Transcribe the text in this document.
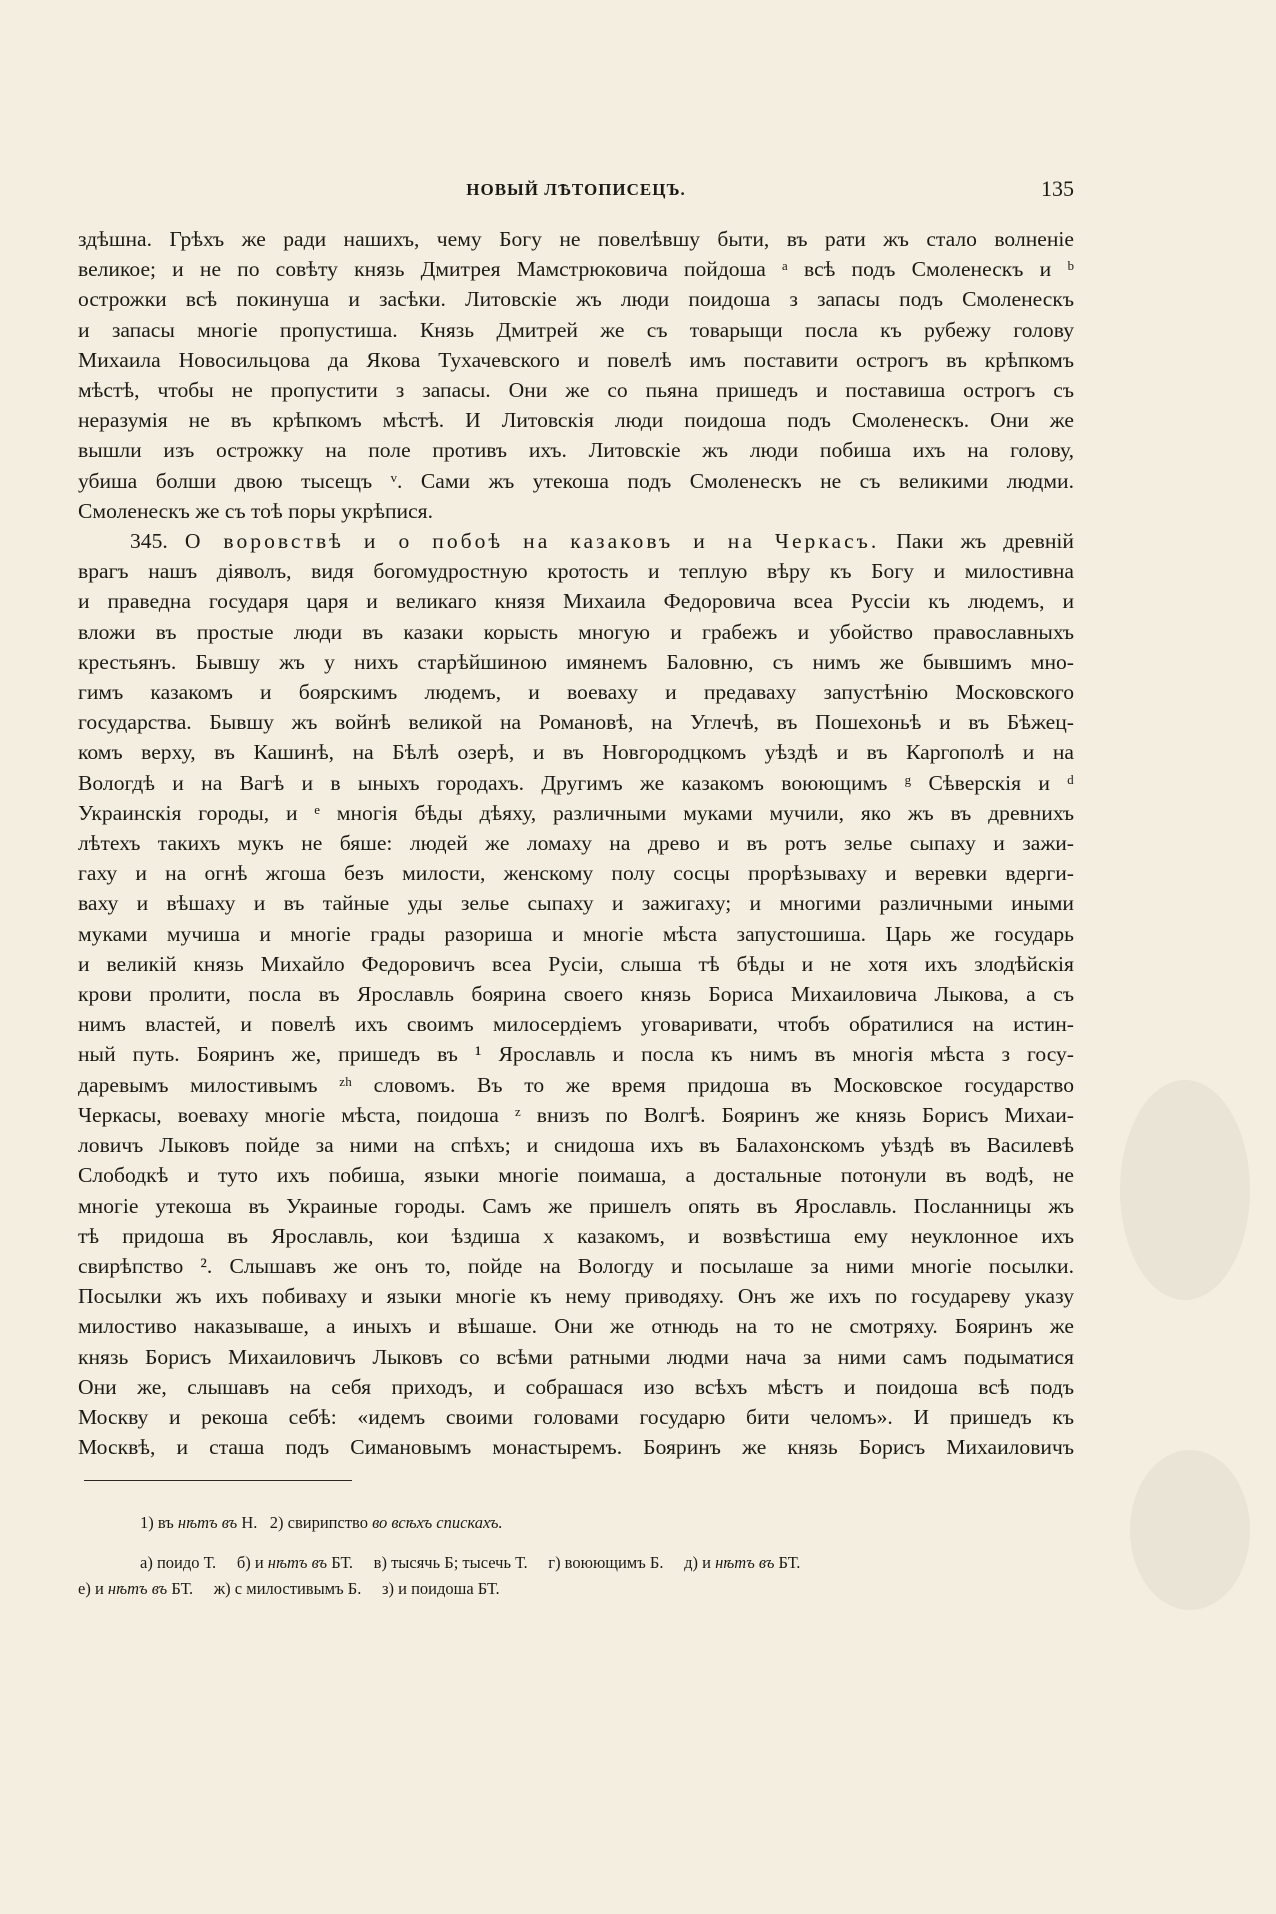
НОВЫЙ ЛѢТОПИСЕЦЪ.	135
здѣшна. Грѣхъ же ради нашихъ, чему Богу не повелѣвшу быти, въ рати жъ стало волненіе
великое; и не по совѣту князь Дмитрея Мамстрюковича пойдоша ᵃ всѣ подъ Смоленескъ и ᵇ
острожки всѣ покинуша и засѣки. Литовскіе жъ люди поидоша з запасы подъ Смоленескъ
и запасы многіе пропустиша. Князь Дмитрей же съ товарыщи посла къ рубежу голову
Михаила Новосильцова да Якова Тухачевского и повелѣ имъ поставити острогъ въ крѣпкомъ
мѣстѣ, чтобы не пропустити з запасы. Они же со пьяна пришедъ и поставиша острогъ съ
неразумія не въ крѣпкомъ мѣстѣ. И Литовскія люди поидоша подъ Смоленескъ. Они же
вышли изъ острожку на поле противъ ихъ. Литовскіе жъ люди побиша ихъ на голову,
убиша болши двою тысещъ ᵛ. Сами жъ утекоша подъ Смоленескъ не съ великими людми.
Смоленескъ же съ тоѣ поры укрѣпися.
345. О воровствѣ и о побоѣ на казаковъ и на Черкасъ. Паки жъ древній
врагъ нашъ діяволъ, видя богомудростную кротость и теплую вѣру къ Богу и милостивна
и праведна государя царя и великаго князя Михаила Федоровича всеа Руссіи къ людемъ, и
вложи въ простые люди въ казаки корысть многую и грабежъ и убойство православныхъ
крестьянъ. Бывшу жъ у нихъ старѣйшиною имянемъ Баловню, съ нимъ же бывшимъ мно-
гимъ казакомъ и боярскимъ людемъ, и воеваху и предаваху запустѣнію Московского
государства. Бывшу жъ войнѣ великой на Романовѣ, на Углечѣ, въ Пошехоньѣ и въ Бѣжец-
комъ верху, въ Кашинѣ, на Бѣлѣ озерѣ, и въ Новгородцкомъ уѣздѣ и въ Каргополѣ и на
Вологдѣ и на Вагѣ и в ыныхъ городахъ. Другимъ же казакомъ воюющимъ ᵍ Сѣверскія и ᵈ
Украинскія городы, и ᵉ многія бѣды дѣяху, различными муками мучили, яко жъ въ древнихъ
лѣтехъ такихъ мукъ не бяше: людей же ломаху на древо и въ ротъ зелье сыпаху и зажи-
гаху и на огнѣ жгоша безъ милости, женскому полу сосцы прорѣзываху и веревки вдерги-
ваху и вѣшаху и въ тайные уды зелье сыпаху и зажигаху; и многими различными иными
муками мучиша и многіе грады разориша и многіе мѣста запустошиша. Царь же государь
и великій князь Михайло Федоровичъ всеа Русіи, слыша тѣ бѣды и не хотя ихъ злодѣйскія
крови пролити, посла въ Ярославль боярина своего князь Бориса Михаиловича Лыкова, а съ
нимъ властей, и повелѣ ихъ своимъ милосердіемъ уговаривати, чтобъ обратилися на истин-
ный путь. Бояринъ же, пришедъ въ ¹ Ярославль и посла къ нимъ въ многія мѣста з госу-
даревымъ милостивымъ ᶻʰ словомъ. Въ то же время придоша въ Московское государство
Черкасы, воеваху многіе мѣста, поидоша ᶻ внизъ по Волгѣ. Бояринъ же князь Борисъ Михаи-
ловичъ Лыковъ пойде за ними на спѣхъ; и снидоша ихъ въ Балахонскомъ уѣздѣ въ Василевѣ
Слободкѣ и туто ихъ побиша, языки многіе поимаша, а достальные потонули въ водѣ, не
многіе утекоша въ Украиные городы. Самъ же пришелъ опять въ Ярославль. Посланницы жъ
тѣ придоша въ Ярославль, кои ѣздиша х казакомъ, и возвѣстиша ему неуклонное ихъ
свирѣпство ². Слышавъ же онъ то, пойде на Вологду и посылаше за ними многіе посылки.
Посылки жъ ихъ побиваху и языки многіе къ нему приводяху. Онъ же ихъ по государеву указу
милостиво наказываше, а иныхъ и вѣшаше. Они же отнюдь на то не смотряху. Бояринъ же
князь Борисъ Михаиловичъ Лыковъ со всѣми ратными людми нача за ними самъ подыматися
Они же, слышавъ на себя приходъ, и собрашася изо всѣхъ мѣстъ и поидоша всѣ подъ
Москву и рекоша себѣ: «идемъ своими головами государю бити челомъ». И пришедъ къ
Москвѣ, и сташа подъ Симановымъ монастыремъ. Бояринъ же князь Борисъ Михаиловичъ
1) въ нѣтъ въ Н. 2) свирипство во всѣхъ спискахъ.
а) поидо Т. б) и нѣтъ въ БТ. в) тысячь Б; тысечь Т. г) воюющимъ Б. д) и нѣтъ въ БТ.
е) и нѣтъ въ БТ. ж) с милостивымъ Б. з) и поидоша БТ.
